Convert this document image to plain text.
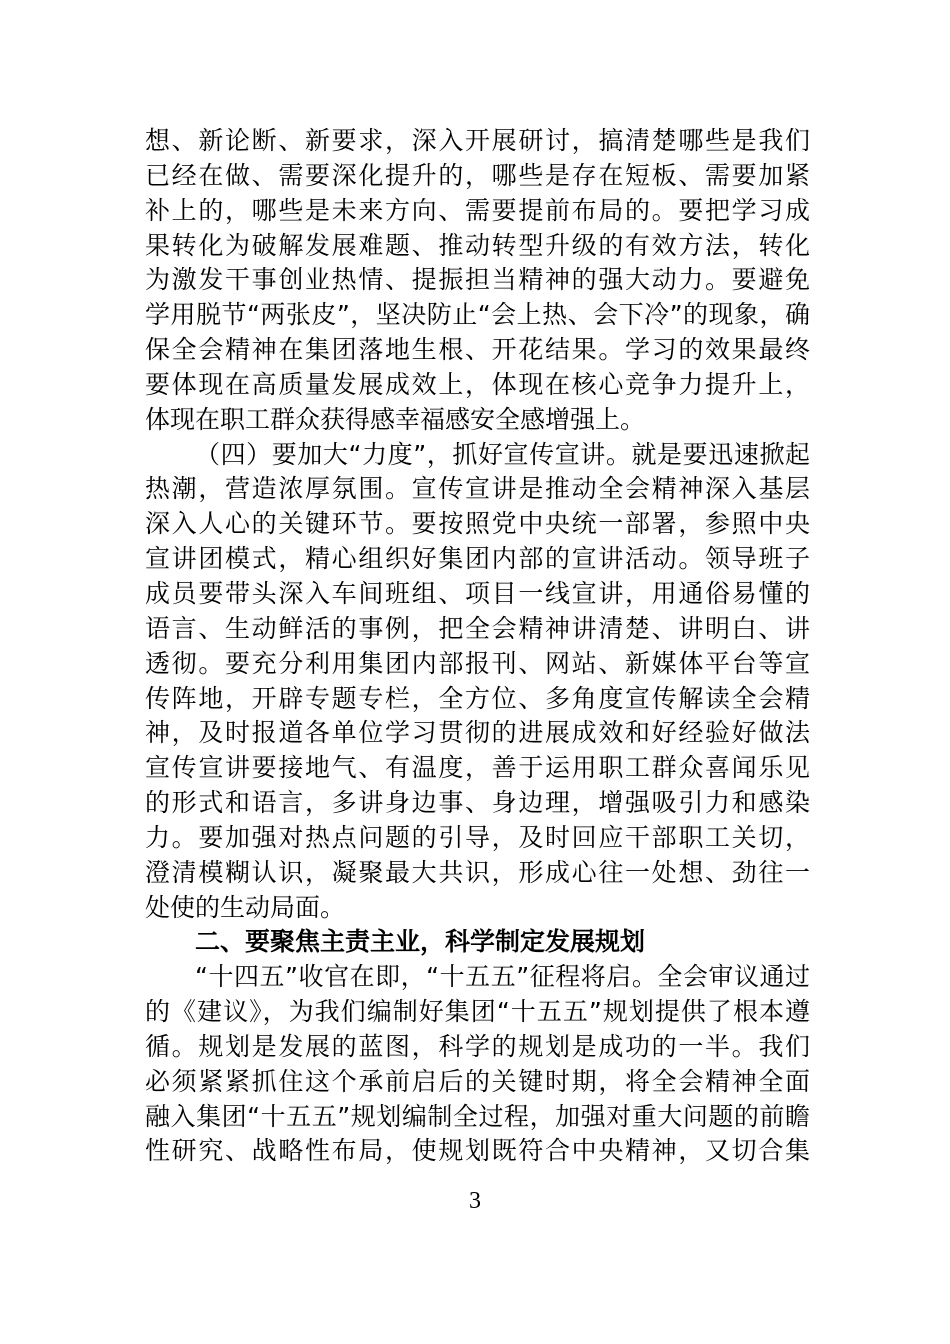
想、新论断、新要求，深入开展研讨，搞清楚哪些是我们
已经在做、需要深化提升的，哪些是存在短板、需要加紧
补上的，哪些是未来方向、需要提前布局的。要把学习成
果转化为破解发展难题、推动转型升级的有效方法，转化
为激发干事创业热情、提振担当精神的强大动力。要避免
学用脱节“两张皮”，坚决防止“会上热、会下冷”的现象，确
保全会精神在集团落地生根、开花结果。学习的效果最终
要体现在高质量发展成效上，体现在核心竞争力提升上，
体现在职工群众获得感幸福感安全感增强上。
（四）要加大“力度”，抓好宣传宣讲。就是要迅速掀起
热潮，营造浓厚氛围。宣传宣讲是推动全会精神深入基层
深入人心的关键环节。要按照党中央统一部署，参照中央
宣讲团模式，精心组织好集团内部的宣讲活动。领导班子
成员要带头深入车间班组、项目一线宣讲，用通俗易懂的
语言、生动鲜活的事例，把全会精神讲清楚、讲明白、讲
透彻。要充分利用集团内部报刊、网站、新媒体平台等宣
传阵地，开辟专题专栏，全方位、多角度宣传解读全会精
神，及时报道各单位学习贯彻的进展成效和好经验好做法
宣传宣讲要接地气、有温度，善于运用职工群众喜闻乐见
的形式和语言，多讲身边事、身边理，增强吸引力和感染
力。要加强对热点问题的引导，及时回应干部职工关切，
澄清模糊认识，凝聚最大共识，形成心往一处想、劲往一
处使的生动局面。
二、要聚焦主责主业，科学制定发展规划
“十四五”收官在即，“十五五”征程将启。全会审议通过
的《建议》，为我们编制好集团“十五五”规划提供了根本遵
循。规划是发展的蓝图，科学的规划是成功的一半。我们
必须紧紧抓住这个承前启后的关键时期，将全会精神全面
融入集团“十五五”规划编制全过程，加强对重大问题的前瞻
性研究、战略性布局，使规划既符合中央精神，又切合集
3
